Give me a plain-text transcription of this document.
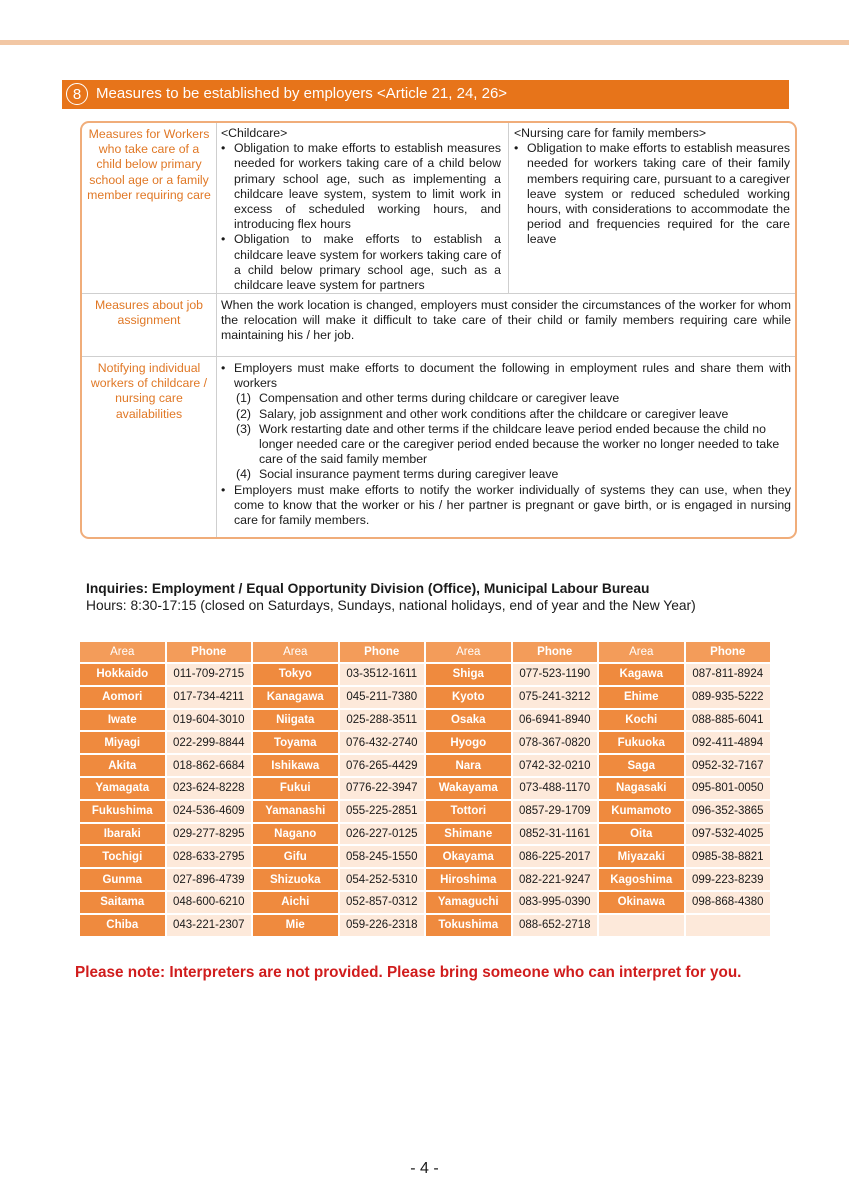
8 Measures to be established by employers <Article 21, 24, 26>
Measures for Workers who take care of a child below primary school age or a family member requiring care
<Childcare>
• Obligation to make efforts to establish measures needed for workers taking care of a child below primary school age, such as implementing a childcare leave system, system to limit work in excess of scheduled working hours, and introducing flex hours
• Obligation to make efforts to establish a childcare leave system for workers taking care of a child below primary school age, such as a childcare leave system for partners
<Nursing care for family members>
• Obligation to make efforts to establish measures needed for workers taking care of their family members requiring care, pursuant to a caregiver leave system or reduced scheduled working hours, with considerations to accommodate the period and frequencies required for the care leave
Measures about job assignment
When the work location is changed, employers must consider the circumstances of the worker for whom the relocation will make it difficult to take care of their child or family members requiring care while maintaining his / her job.
Notifying individual workers of childcare / nursing care availabilities
• Employers must make efforts to document the following in employment rules and share them with workers
(1) Compensation and other terms during childcare or caregiver leave
(2) Salary, job assignment and other work conditions after the childcare or caregiver leave
(3) Work restarting date and other terms if the childcare leave period ended because the child no longer needed care or the caregiver period ended because the worker no longer needed to take care of the said family member
(4) Social insurance payment terms during caregiver leave
• Employers must make efforts to notify the worker individually of systems they can use, when they come to know that the worker or his / her partner is pregnant or gave birth, or is engaged in nursing care for family members.
Inquiries: Employment / Equal Opportunity Division (Office), Municipal Labour Bureau
Hours: 8:30-17:15 (closed on Saturdays, Sundays, national holidays, end of year and the New Year)
Area	Phone	Area	Phone	Area	Phone	Area	Phone
Hokkaido	011-709-2715	Tokyo	03-3512-1611	Shiga	077-523-1190	Kagawa	087-811-8924
Aomori	017-734-4211	Kanagawa	045-211-7380	Kyoto	075-241-3212	Ehime	089-935-5222
Iwate	019-604-3010	Niigata	025-288-3511	Osaka	06-6941-8940	Kochi	088-885-6041
Miyagi	022-299-8844	Toyama	076-432-2740	Hyogo	078-367-0820	Fukuoka	092-411-4894
Akita	018-862-6684	Ishikawa	076-265-4429	Nara	0742-32-0210	Saga	0952-32-7167
Yamagata	023-624-8228	Fukui	0776-22-3947	Wakayama	073-488-1170	Nagasaki	095-801-0050
Fukushima	024-536-4609	Yamanashi	055-225-2851	Tottori	0857-29-1709	Kumamoto	096-352-3865
Ibaraki	029-277-8295	Nagano	026-227-0125	Shimane	0852-31-1161	Oita	097-532-4025
Tochigi	028-633-2795	Gifu	058-245-1550	Okayama	086-225-2017	Miyazaki	0985-38-8821
Gunma	027-896-4739	Shizuoka	054-252-5310	Hiroshima	082-221-9247	Kagoshima	099-223-8239
Saitama	048-600-6210	Aichi	052-857-0312	Yamaguchi	083-995-0390	Okinawa	098-868-4380
Chiba	043-221-2307	Mie	059-226-2318	Tokushima	088-652-2718		
Please note: Interpreters are not provided. Please bring someone who can interpret for you.
- 4 -
